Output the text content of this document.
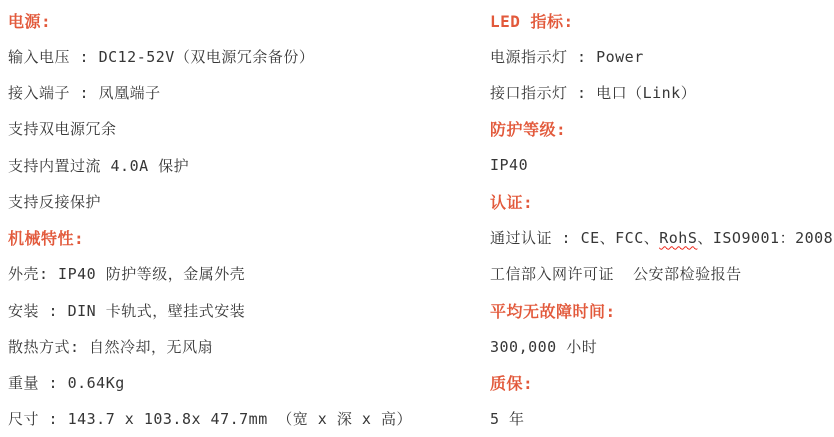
电源:
输入电压 : DC12-52V（双电源冗余备份）
接入端子 : 凤凰端子
支持双电源冗余
支持内置过流 4.0A 保护
支持反接保护
机械特性:
外壳: IP40 防护等级，金属外壳
安装 : DIN 卡轨式，壁挂式安装
散热方式: 自然冷却，无风扇
重量 : 0.64Kg
尺寸 : 143.7 x 103.8x 47.7mm （宽 x 深 x 高）
LED 指标:
电源指示灯 : Power
接口指示灯 : 电口（Link）
防护等级:
IP40
认证:
通过认证 : CE、FCC、 RohS 、ISO9001：2008
工信部入网许可证  公安部检验报告
平均无故障时间:
300,000 小时
质保:
5 年
